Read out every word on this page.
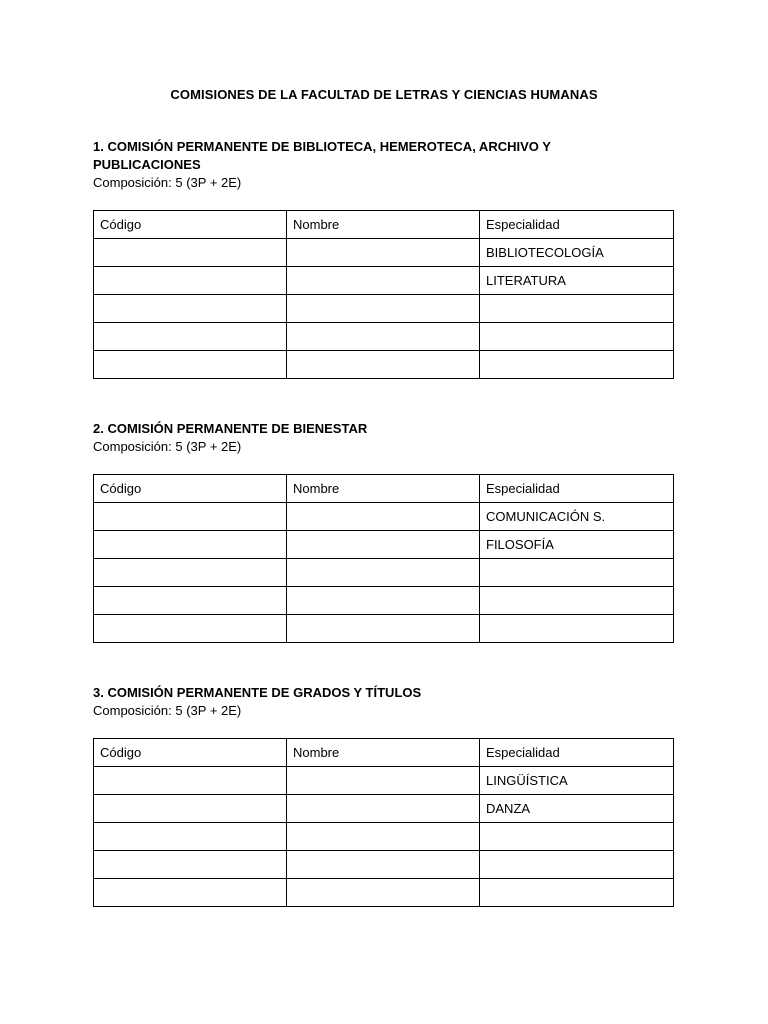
COMISIONES DE LA FACULTAD DE LETRAS Y CIENCIAS HUMANAS

1. COMISIÓN PERMANENTE DE BIBLIOTECA, HEMEROTECA, ARCHIVO Y PUBLICACIONES

Composición: 5 (3P + 2E)

Código	Nombre	Especialidad
		BIBLIOTECOLOGÍA
		LITERATURA

2. COMISIÓN PERMANENTE DE BIENESTAR

Composición: 5 (3P + 2E)

Código	Nombre	Especialidad
		COMUNICACIÓN S.
		FILOSOFÍA

3. COMISIÓN PERMANENTE DE GRADOS Y TÍTULOS

Composición: 5 (3P + 2E)

Código	Nombre	Especialidad
		LINGÜÍSTICA
		DANZA
